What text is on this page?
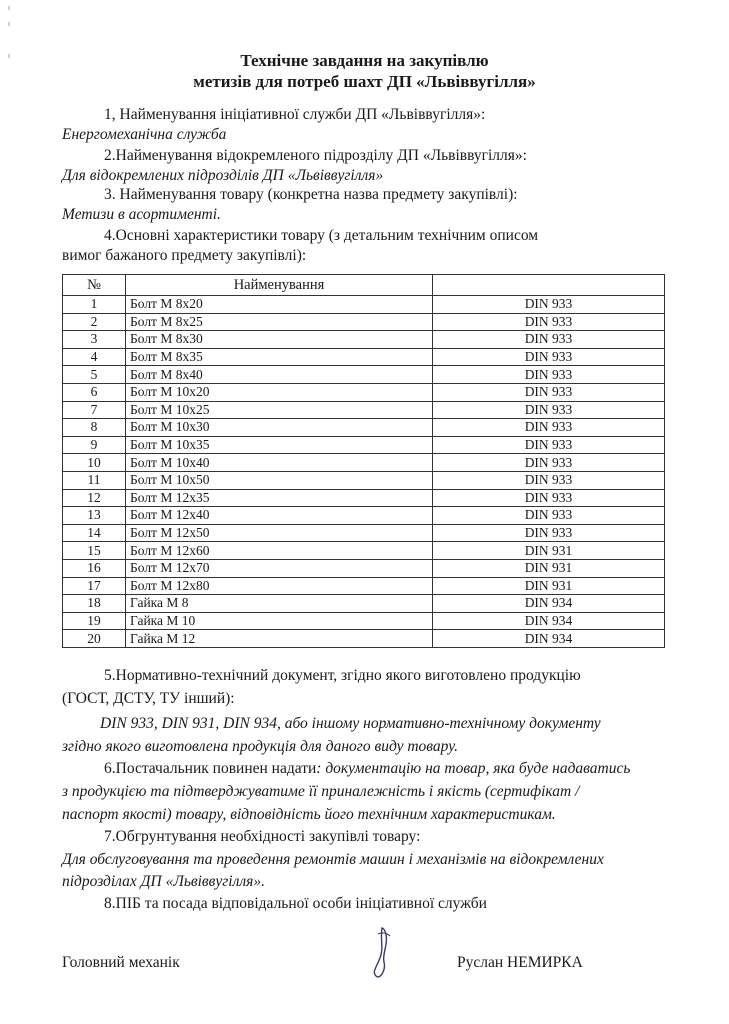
Технічне завдання на закупівлю
метизів для потреб шахт ДП «Львіввугілля»
1, Найменування ініціативної служби ДП «Львіввугілля»:
Енергомеханічна служба
2.Найменування відокремленого підрозділу ДП «Львіввугілля»:
Для відокремлених підрозділів ДП «Львіввугілля»
3. Найменування товару (конкретна назва предмету закупівлі):
Метизи в асортименті.
4.Основні характеристики товару (з детальним технічним описом
вимог бажаного предмету закупівлі):
№	Найменування	
1	Болт М 8х20	DIN 933
2	Болт М 8х25	DIN 933
3	Болт М 8х30	DIN 933
4	Болт М 8х35	DIN 933
5	Болт М 8х40	DIN 933
6	Болт М 10х20	DIN 933
7	Болт М 10х25	DIN 933
8	Болт М 10х30	DIN 933
9	Болт М 10х35	DIN 933
10	Болт М 10х40	DIN 933
11	Болт М 10х50	DIN 933
12	Болт М 12х35	DIN 933
13	Болт М 12х40	DIN 933
14	Болт М 12х50	DIN 933
15	Болт М 12х60	DIN 931
16	Болт М 12х70	DIN 931
17	Болт М 12х80	DIN 931
18	Гайка М 8	DIN 934
19	Гайка М 10	DIN 934
20	Гайка М 12	DIN 934
5.Нормативно-технічний документ, згідно якого виготовлено продукцію
(ГОСТ, ДСТУ, ТУ інший):
DIN 933, DIN 931, DIN 934, або іншому нормативно-технічному документу
згідно якого виготовлена продукція для даного виду товару.
6.Постачальник повинен надати: документацію на товар, яка буде надаватись
з продукцією та підтверджуватиме її приналежність і якість (сертифікат /
паспорт якості) товару, відповідність його технічним характеристикам.
7.Обгрунтування необхідності закупівлі товару:
Для обслуговування та проведення ремонтів машин і механізмів на відокремлених
підрозділах ДП «Львіввугілля».
8.ПІБ та посада відповідальної особи ініціативної служби
Головний механік	Руслан НЕМИРКА
